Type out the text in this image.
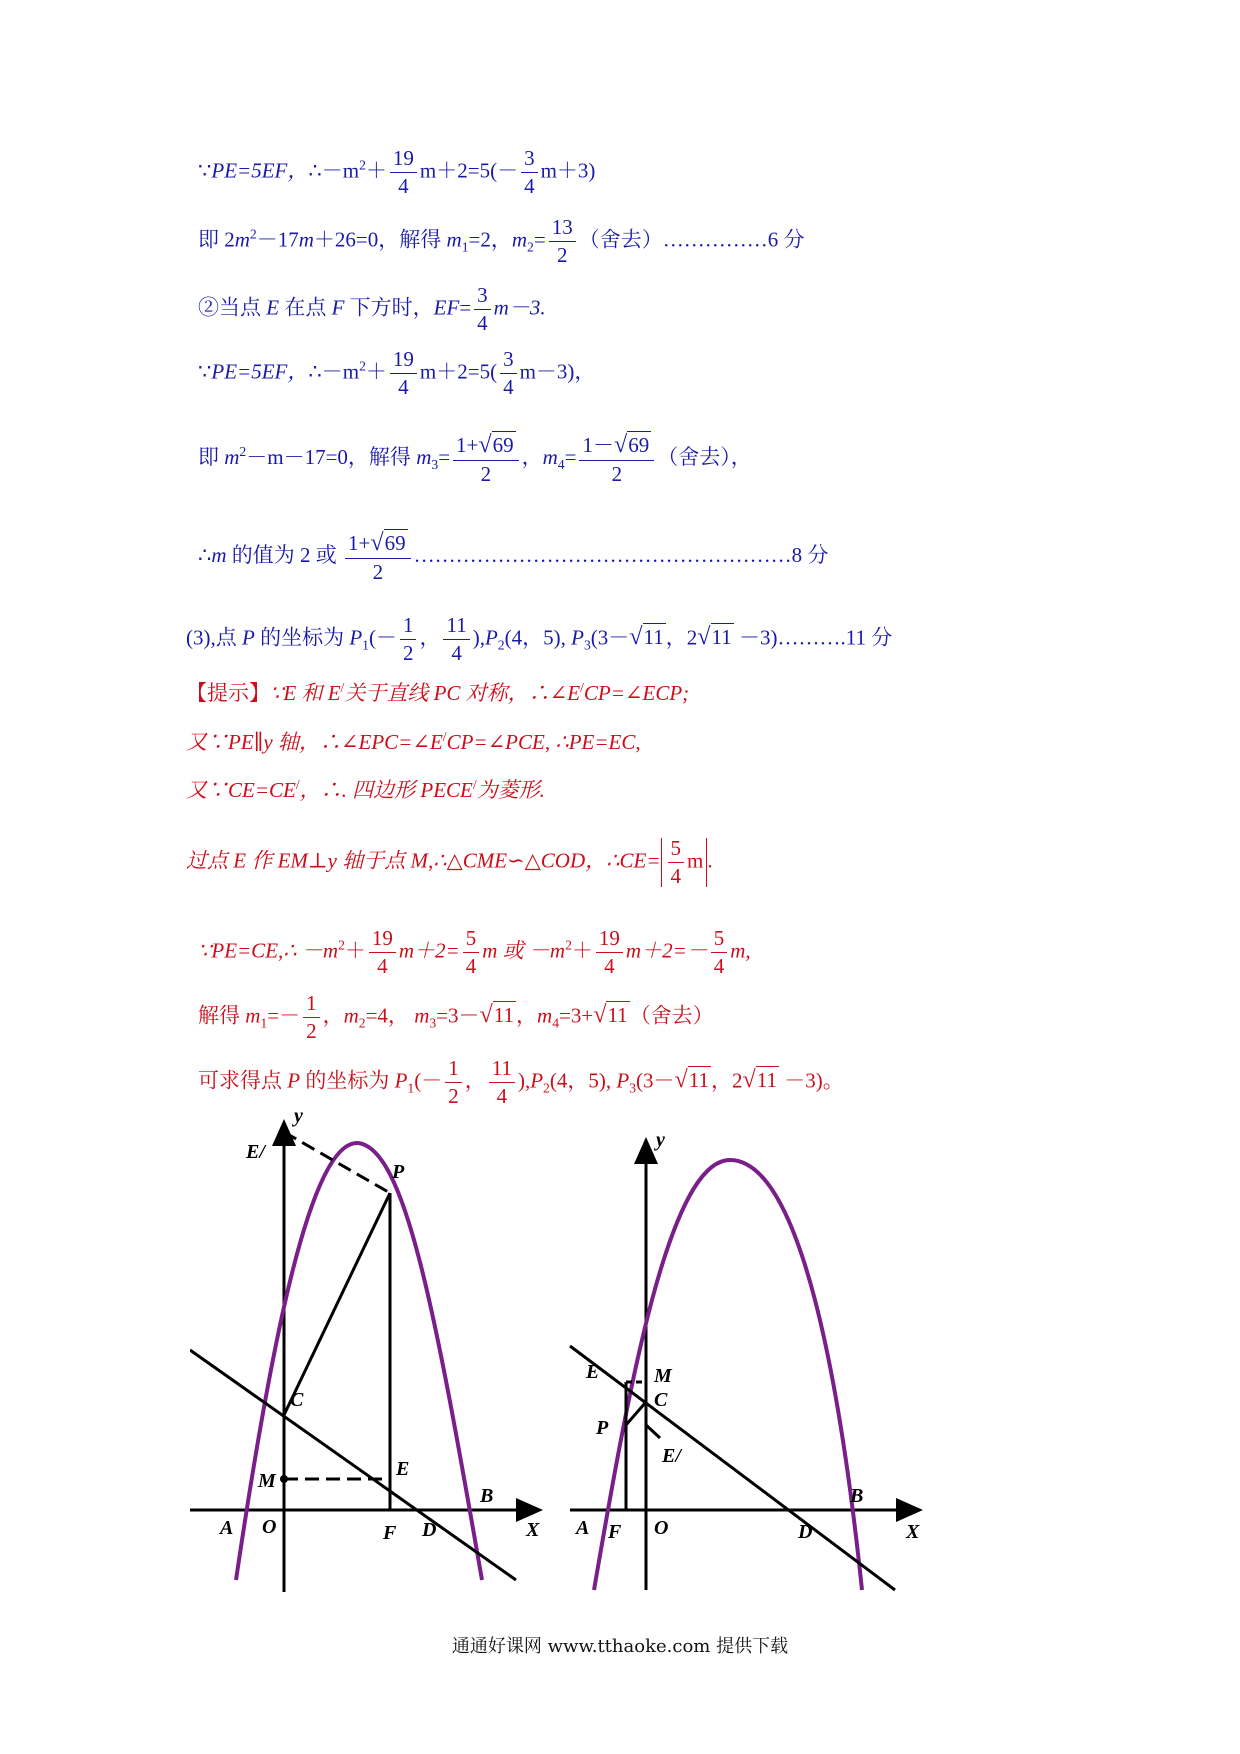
∵PE=5EF，$\therefore-m^2+ \frac{19}{4} m+2=5(- \frac{3}{4} m+3)$
即 $2m^2-17m+26=0$，解得 $m_1=2$，$m_2= \frac{13}{2}$ （舍去）……………6 分
②当点 E 在点 F 下方时，$EF= \frac{3}{4} m-3$.
∵PE=5EF，$\therefore-m^2+ \frac{19}{4} m+2=5( \frac{3}{4} m-3)$，
即 $m^2-m-17=0$，解得 $m_3= \frac{1+√69}{2}$ ，$m_4= \frac{1-√69}{2}$ （舍去），
∴m 的值为 2 或 $\frac{1+√69}{2}$ ………………………………………………8 分
(3),点 P 的坐标为 $P_1(- \frac{1}{2}$ ， $\frac{11}{4} ),P_2(4$，5), $P_3(3-√11$，2√11 －3)……….11 分
【提示】∵E 和 E/关于直线 PC 对称，∴∠E/CP=∠ECP;
又∵PE∥y 轴，∴∠EPC=∠E/CP=∠PCE, ∴PE=EC,
又∵CE=CE/，∴. 四边形 PECE/为菱形.
过点 E 作 EM⊥y 轴于点 M,∴△CME∽△COD，∴CE= $\frac{5}{4}$ m .
∵PE=CE,∴ $-m^2+ \frac{19}{4} m+2= \frac{5}{4}$ m 或 $-m^2+ \frac{19}{4} m+2=- \frac{5}{4} m$,
解得 $m_1=- \frac{1}{2}$ ，$m_2=4$， $m_3=3-√11$，$m_4=3+√11$（舍去）
可求得点 P 的坐标为 $P_1(- \frac{1}{2}$ ， $\frac{11}{4} ),P_2(4$，5), $P_3(3-√11$，2√11 －3)。
y
E/
P
C
M
E
A O	F D
B
X
y
E	M
C
P
E/
A F O	D
B
X
通通好课网 www.tthaoke.com 提供下载
